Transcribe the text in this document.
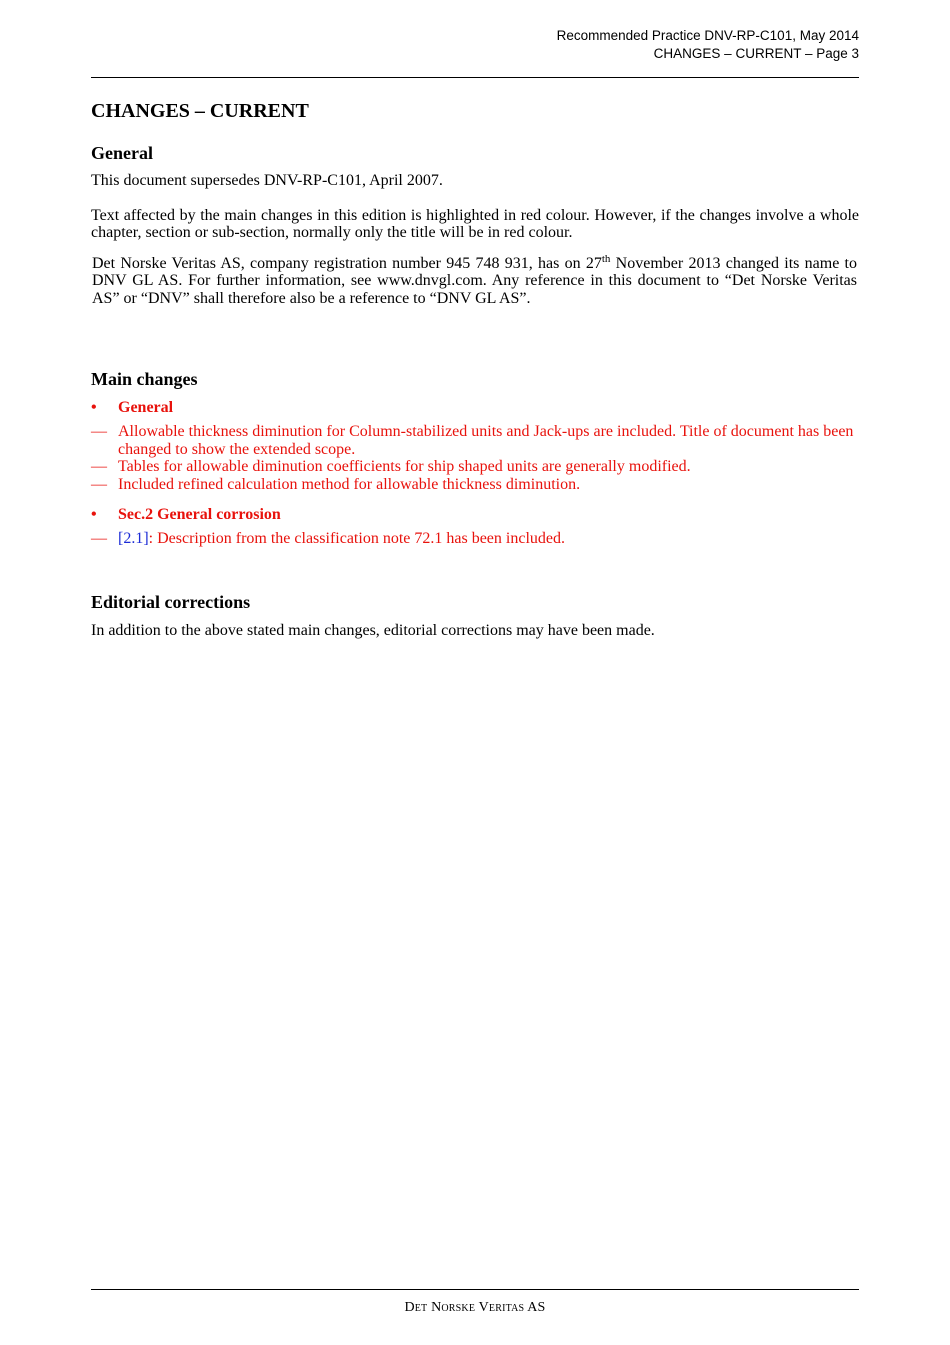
Recommended Practice DNV-RP-C101, May 2014
CHANGES – CURRENT – Page 3
CHANGES – CURRENT
General

This document supersedes DNV-RP-C101, April 2007.

Text affected by the main changes in this edition is highlighted in red colour. However, if the changes involve a whole chapter, section or sub-section, normally only the title will be in red colour.

Det Norske Veritas AS, company registration number 945 748 931, has on 27th November 2013 changed its name to DNV GL AS. For further information, see www.dnvgl.com. Any reference in this document to “Det Norske Veritas AS” or “DNV” shall therefore also be a reference to “DNV GL AS”.

Main changes
•	General
— Allowable thickness diminution for Column-stabilized units and Jack-ups are included. Title of document has been changed to show the extended scope.
— Tables for allowable diminution coefficients for ship shaped units are generally modified.
— Included refined calculation method for allowable thickness diminution.
•	Sec.2 General corrosion
— [2.1]: Description from the classification note 72.1 has been included.
Editorial corrections

In addition to the above stated main changes, editorial corrections may have been made.

Det Norske Veritas AS
